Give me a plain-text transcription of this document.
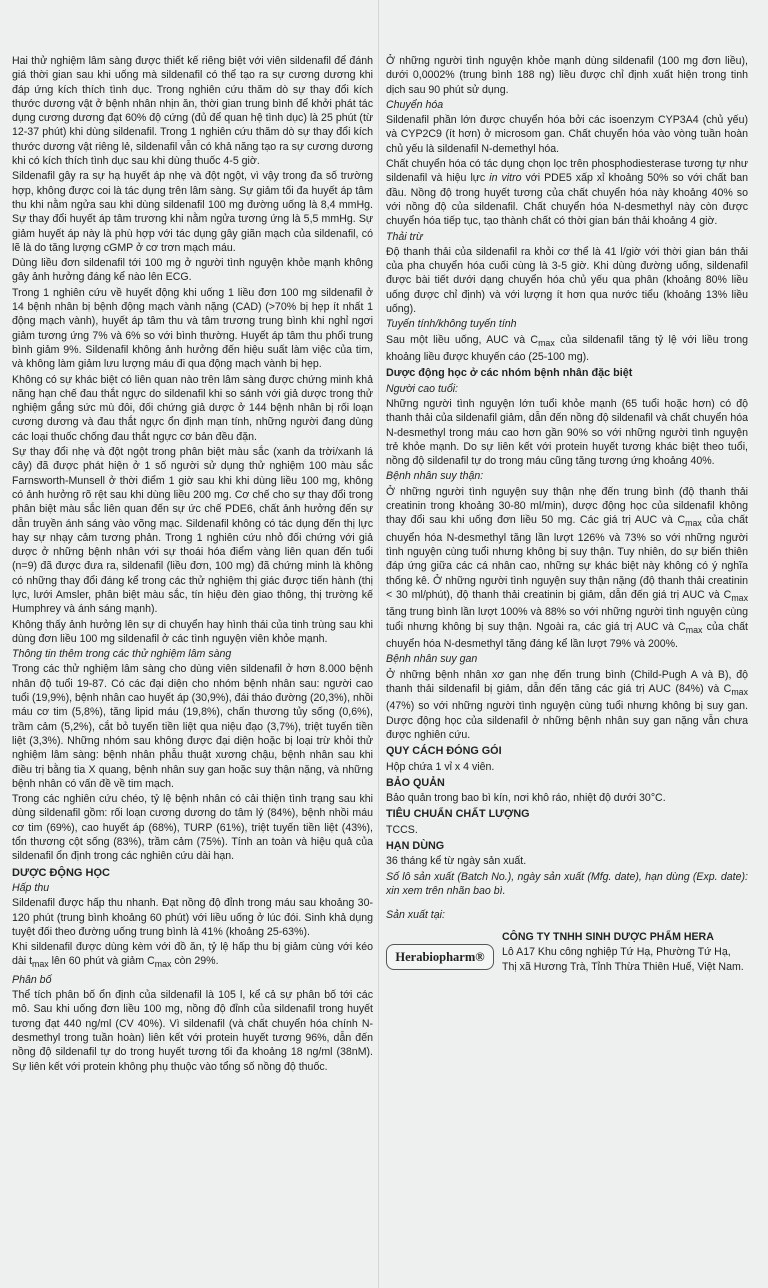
Hai thử nghiệm lâm sàng được thiết kế riêng biệt với viên sildenafil để đánh giá thời gian sau khi uống mà sildenafil có thể tạo ra sự cương dương khi đáp ứng kích thích tình dục. Trong nghiên cứu thăm dò sự thay đổi kích thước dương vật ở bệnh nhân nhịn ăn, thời gian trung bình để khởi phát tác dụng cương dương đạt 60% độ cứng (đủ để quan hệ tình dục) là 25 phút (từ 12-37 phút) khi dùng sildenafil. Trong 1 nghiên cứu thăm dò sự thay đổi kích thước dương vật riêng lẻ, sildenafil vẫn có khả năng tạo ra sự cương dương khi có kích thích tình dục sau khi dùng thuốc 4-5 giờ.

Sildenafil gây ra sự hạ huyết áp nhẹ và đột ngột, vì vậy trong đa số trường hợp, không được coi là tác dụng trên lâm sàng. Sự giảm tối đa huyết áp tâm thu khi nằm ngửa sau khi dùng sildenafil 100 mg đường uống là 8,4 mmHg. Sự thay đổi huyết áp tâm trương khi nằm ngửa tương ứng là 5,5 mmHg. Sự giảm huyết áp này là phù hợp với tác dụng gây giãn mạch của sildenafil, có lẽ là do tăng lượng cGMP ở cơ trơn mạch máu.

Dùng liều đơn sildenafil tới 100 mg ở người tình nguyện khỏe mạnh không gây ảnh hưởng đáng kể nào lên ECG.

Trong 1 nghiên cứu về huyết động khi uống 1 liều đơn 100 mg sildenafil ở 14 bệnh nhân bị bệnh động mạch vành nặng (CAD) (>70% bị hẹp ít nhất 1 động mạch vành), huyết áp tâm thu và tâm trương trung bình khi nghỉ ngơi giảm tương ứng 7% và 6% so với bình thường. Huyết áp tâm thu phổi trung bình giảm 9%. Sildenafil không ảnh hưởng đến hiệu suất làm việc của tim, và không làm giảm lưu lượng máu đi qua động mạch vành bị hẹp.

Không có sự khác biệt có liên quan nào trên lâm sàng được chứng minh khả năng hạn chế đau thắt ngực do sildenafil khi so sánh với giả dược trong thử nghiệm gắng sức mù đôi, đối chứng giả dược ở 144 bệnh nhân bị rối loạn cương dương và đau thắt ngực ổn định mạn tính, những người đang dùng các loại thuốc chống đau thắt ngực cơ bản đều đặn.

Sự thay đổi nhẹ và đột ngột trong phân biệt màu sắc (xanh da trời/xanh lá cây) đã được phát hiện ở 1 số người sử dụng thử nghiệm 100 màu sắc Farnsworth-Munsell ở thời điểm 1 giờ sau khi khi dùng liều 100 mg, không có ảnh hưởng rõ rệt sau khi dùng liều 200 mg. Cơ chế cho sự thay đổi trong phân biệt màu sắc liên quan đến sự ức chế PDE6, chất ảnh hưởng đến sự dẫn truyền ánh sáng vào võng mạc. Sildenafil không có tác dụng đến thị lực hay sự nhạy cảm tương phản. Trong 1 nghiên cứu nhỏ đối chứng với giả dược ở những bệnh nhân với sự thoái hóa điểm vàng liên quan đến tuổi (n=9) đã được đưa ra, sildenafil (liều đơn, 100 mg) đã chứng minh là không có những thay đổi đáng kể trong các thử nghiệm thị giác được tiến hành (thị lực, lưới Amsler, phân biệt màu sắc, tín hiệu đèn giao thông, thị trường kế Humphrey và ánh sáng mạnh).

Không thấy ảnh hưởng lên sự di chuyển hay hình thái của tinh trùng sau khi dùng đơn liều 100 mg sildenafil ở các tình nguyện viên khỏe mạnh.

Thông tin thêm trong các thử nghiệm lâm sàng

Trong các thử nghiệm lâm sàng cho dùng viên sildenafil ở hơn 8.000 bệnh nhân độ tuổi 19-87. Có các đại diện cho nhóm bệnh nhân sau: người cao tuổi (19,9%), bệnh nhân cao huyết áp (30,9%), đái tháo đường (20,3%), nhồi máu cơ tim (5,8%), tăng lipid máu (19,8%), chấn thương tủy sống (0,6%), trầm cảm (5,2%), cắt bỏ tuyến tiền liệt qua niệu đạo (3,7%), triệt tuyến tiền liệt (3,3%). Những nhóm sau không được đại diện hoặc bị loại trừ khỏi thử nghiệm lâm sàng: bệnh nhân phẫu thuật xương chậu, bệnh nhân sau khi điều trị bằng tia X quang, bệnh nhân suy gan hoặc suy thận nặng, và những bệnh nhân có vấn đề về tim mạch.

Trong các nghiên cứu chéo, tỷ lệ bệnh nhân có cải thiện tình trạng sau khi dùng sildenafil gồm: rối loạn cương dương do tâm lý (84%), bệnh nhồi máu cơ tim (69%), cao huyết áp (68%), TURP (61%), triệt tuyến tiền liệt (43%), tổn thương cột sống (83%), trầm cảm (75%). Tính an toàn và hiệu quả của sildenafil ổn định trong các nghiên cứu dài hạn.

DƯỢC ĐỘNG HỌC
Hấp thu

Sildenafil được hấp thu nhanh. Đạt nồng độ đỉnh trong máu sau khoảng 30-120 phút (trung bình khoảng 60 phút) với liều uống ở lúc đói. Sinh khả dụng tuyệt đối theo đường uống trung bình là 41% (khoảng 25-63%).

Khi sildenafil được dùng kèm với đồ ăn, tỷ lệ hấp thu bị giảm cùng với kéo dài $t_{max}$ lên 60 phút và giảm $C_{max}$ còn 29%.

Phân bố

Thể tích phân bố ổn định của sildenafil là 105 l, kể cả sự phân bố tới các mô. Sau khi uống đơn liều 100 mg, nồng độ đỉnh của sildenafil trong huyết tương đạt 440 ng/ml (CV 40%). Vì sildenafil (và chất chuyển hóa chính N-desmethyl trong tuần hoàn) liên kết với protein huyết tương 96%, dẫn đến nồng độ sildenafil tự do trong huyết tương tối đa khoảng 18 ng/ml (38nM). Sự liên kết với protein không phụ thuộc vào tổng số nồng độ thuốc.

Ở những người tình nguyện khỏe mạnh dùng sildenafil (100 mg đơn liều), dưới 0,0002% (trung bình 188 ng) liều được chỉ định xuất hiện trong tinh dịch sau 90 phút sử dụng.

Chuyển hóa

Sildenafil phần lớn được chuyển hóa bởi các isoenzym CYP3A4 (chủ yếu) và CYP2C9 (ít hơn) ở microsom gan. Chất chuyển hóa vào vòng tuần hoàn chủ yếu là sildenafil N-demethyl hóa.

Chất chuyển hóa có tác dụng chọn lọc trên phosphodiesterase tương tự như sildenafil và hiệu lực in vitro với PDE5 xấp xỉ khoảng 50% so với chất ban đầu. Nồng độ trong huyết tương của chất chuyển hóa này khoảng 40% so với nồng độ của sildenafil. Chất chuyển hóa N-desmethyl này còn được chuyển hóa tiếp tục, tạo thành chất có thời gian bán thải khoảng 4 giờ.

Thải trừ

Độ thanh thải của sildenafil ra khỏi cơ thể là 41 l/giờ với thời gian bán thải của pha chuyển hóa cuối cùng là 3-5 giờ. Khi dùng đường uống, sildenafil được bài tiết dưới dạng chuyển hóa chủ yếu qua phân (khoảng 80% liều uống được chỉ định) và với lượng ít hơn qua nước tiểu (khoảng 13% liều uống).

Tuyến tính/không tuyến tính

Sau một liều uống, AUC và $C_{max}$ của sildenafil tăng tỷ lệ với liều trong khoảng liều được khuyến cáo (25-100 mg).

Dược động học ở các nhóm bệnh nhân đặc biệt
Người cao tuổi:

Những người tình nguyện lớn tuổi khỏe mạnh (65 tuổi hoặc hơn) có độ thanh thải của sildenafil giảm, dẫn đến nồng độ sildenafil và chất chuyển hóa N-desmethyl trong máu cao hơn gần 90% so với những người tình nguyện trẻ khỏe mạnh. Do sự liên kết với protein huyết tương khác biệt theo tuổi, nồng độ sildenafil tự do trong máu cũng tăng tương ứng khoảng 40%.

Bệnh nhân suy thận:

Ở những người tình nguyện suy thận nhẹ đến trung bình (độ thanh thải creatinin trong khoảng 30-80 ml/min), dược động học của sildenafil không thay đổi sau khi uống đơn liều 50 mg. Các giá trị AUC và $C_{max}$ của chất chuyển hóa N-desmethyl tăng lần lượt 126% và 73% so với những người tình nguyện cùng tuổi nhưng không bị suy thận. Tuy nhiên, do sự biến thiên đáp ứng giữa các cá nhân cao, những sự khác biệt này không có ý nghĩa thống kê. Ở những người tình nguyện suy thận nặng (độ thanh thải creatinin < 30 ml/phút), độ thanh thải creatinin bị giảm, dẫn đến giá trị AUC và $C_{max}$ tăng trung bình lần lượt 100% và 88% so với những người tình nguyện cùng tuổi nhưng không bị suy thận. Ngoài ra, các giá trị AUC và $C_{max}$ của chất chuyển hóa N-desmethyl tăng đáng kể lần lượt 79% và 200%.

Bệnh nhân suy gan

Ở những bệnh nhân xơ gan nhẹ đến trung bình (Child-Pugh A và B), độ thanh thải sildenafil bị giảm, dẫn đến tăng các giá trị AUC (84%) và $C_{max}$ (47%) so với những người tình nguyện cùng tuổi nhưng không bị suy gan. Dược động học của sildenafil ở những bệnh nhân suy gan nặng vẫn chưa được nghiên cứu.

QUY CÁCH ĐÓNG GÓI

Hộp chứa 1 vỉ x 4 viên.

BẢO QUẢN

Bảo quản trong bao bì kín, nơi khô ráo, nhiệt độ dưới 30°C.

TIÊU CHUẨN CHẤT LƯỢNG

TCCS.

HẠN DÙNG

36 tháng kể từ ngày sản xuất.

Số lô sản xuất (Batch No.), ngày sản xuất (Mfg. date), hạn dùng (Exp. date): xin xem trên nhãn bao bì.

Sản xuất tại:
Herabiopharm®
CÔNG TY TNHH SINH DƯỢC PHẨM HERA
Lô A17 Khu công nghiệp Tứ Hạ, Phường Tứ Hạ,
Thị xã Hương Trà, Tỉnh Thừa Thiên Huế, Việt Nam.
